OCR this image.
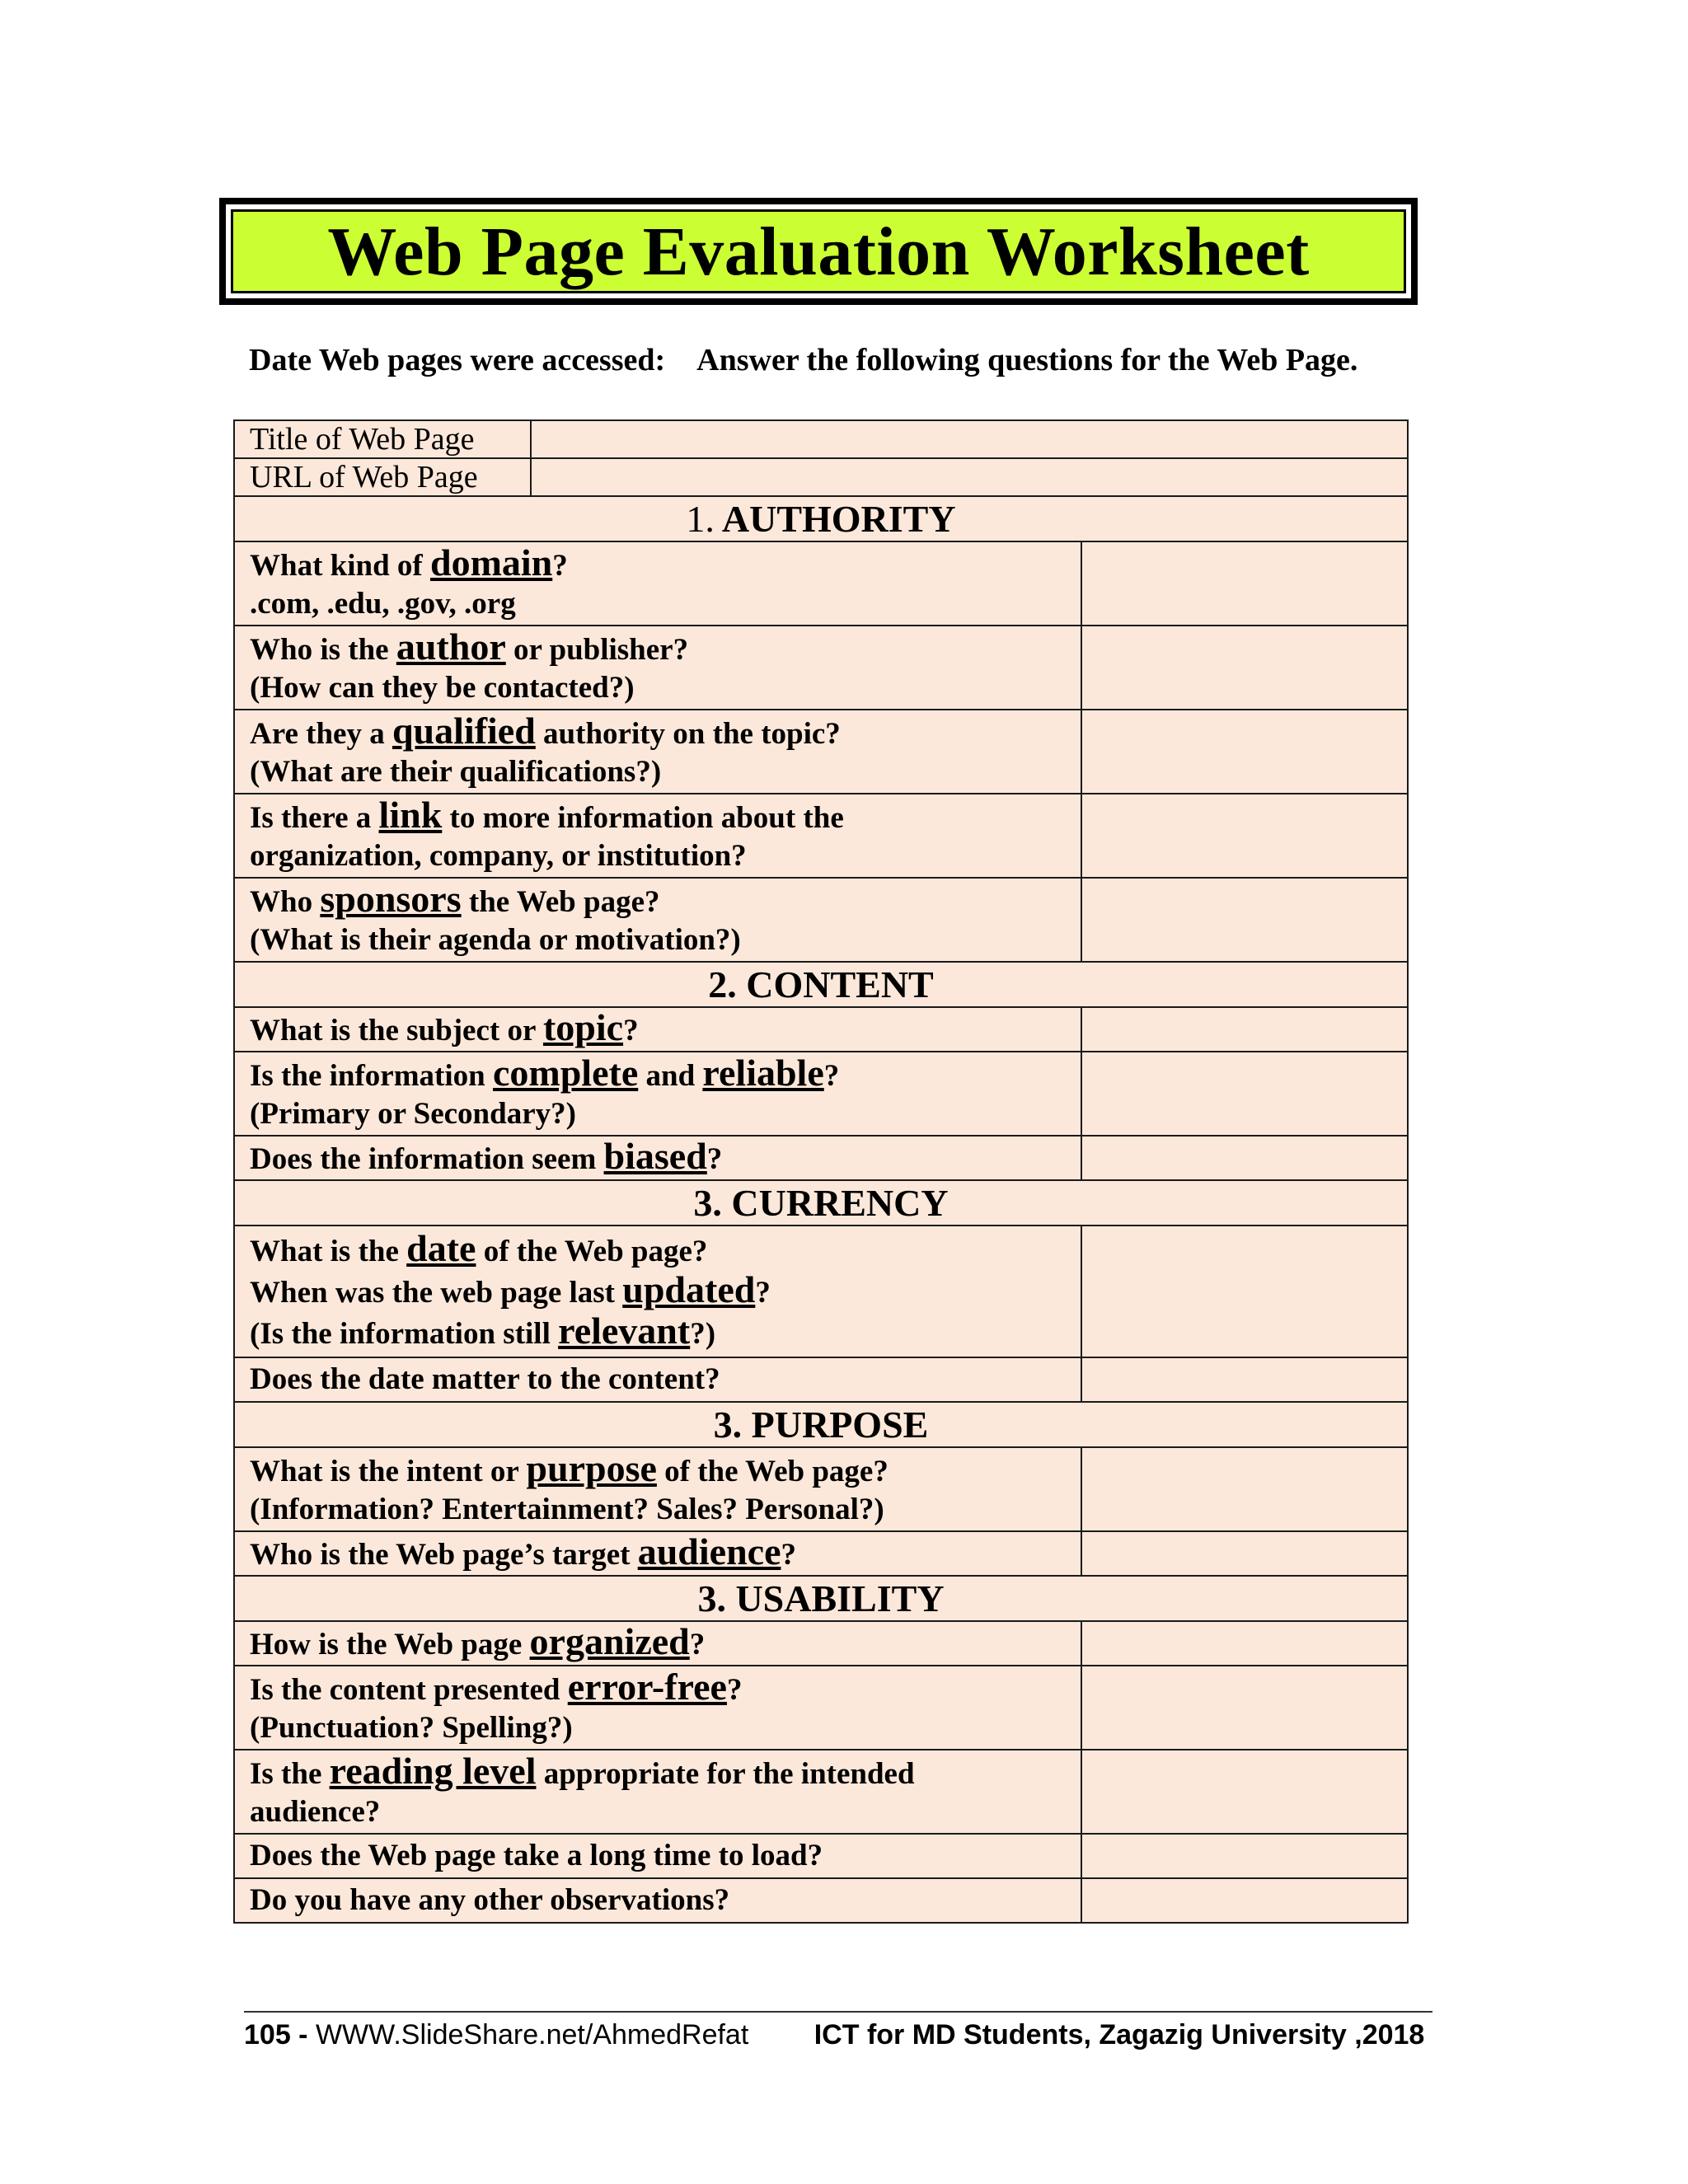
Web Page Evaluation Worksheet
Date Web pages were accessed: Answer the following questions for the Web Page.
Title of Web Page		
URL of Web Page		
1. AUTHORITY		

What kind of domain?
.com, .edu, .gov, .org		

Who is the author or publisher?
(How can they be contacted?)		

Are they a qualified authority on the topic?
(What are their qualifications?)		

Is there a link to more information about the
organization, company, or institution?		

Who sponsors the Web page?
(What is their agenda or motivation?)		

2. CONTENT		

What is the subject or topic?		

Is the information complete and reliable?
(Primary or Secondary?)		

Does the information seem biased?		

3. CURRENCY		

What is the date of the Web page?
When was the web page last updated?
(Is the information still relevant?)		

Does the date matter to the content?		

3. PURPOSE		

What is the intent or purpose of the Web page?
(Information? Entertainment? Sales? Personal?)		

Who is the Web page’s target audience?		

3. USABILITY		

How is the Web page organized?		

Is the content presented error-free?
(Punctuation? Spelling?)		

Is the reading level appropriate for the intended
audience?		

Does the Web page take a long time to load?		

Do you have any other observations?		

105 - WWW.SlideShare.net/AhmedRefat ICT for MD Students, Zagazig University ,2018
